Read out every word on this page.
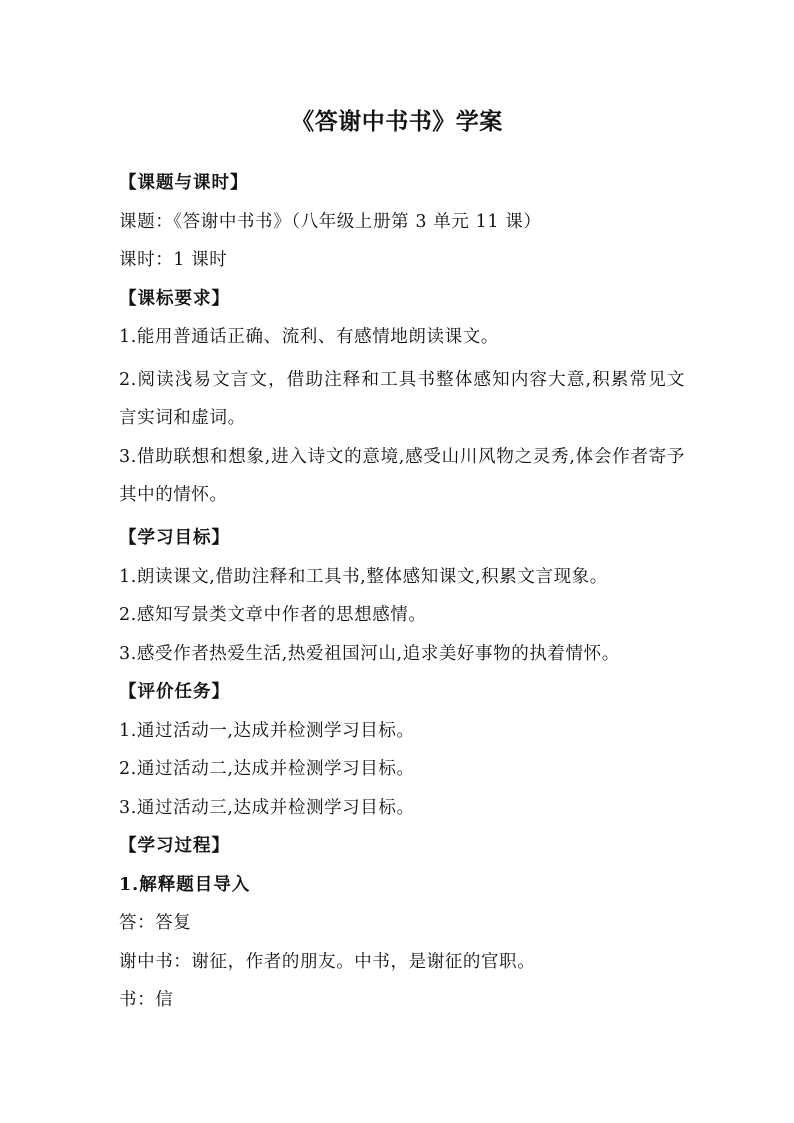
《答谢中书书》学案
【课题与课时】
课题：《答谢中书书》（八年级上册第 3 单元 11 课）
课时：1 课时
【课标要求】
1.能用普通话正确、流利、有感情地朗读课文。
2.阅读浅易文言文，借助注释和工具书整体感知内容大意,积累常见文言实词和虚词。
3.借助联想和想象,进入诗文的意境,感受山川风物之灵秀,体会作者寄予其中的情怀。
【学习目标】
1.朗读课文,借助注释和工具书,整体感知课文,积累文言现象。
2.感知写景类文章中作者的思想感情。
3.感受作者热爱生活,热爱祖国河山,追求美好事物的执着情怀。
【评价任务】
1.通过活动一,达成并检测学习目标。
2.通过活动二,达成并检测学习目标。
3.通过活动三,达成并检测学习目标。
【学习过程】
1.解释题目导入
答：答复
谢中书：谢征，作者的朋友。中书，是谢征的官职。
书：信
